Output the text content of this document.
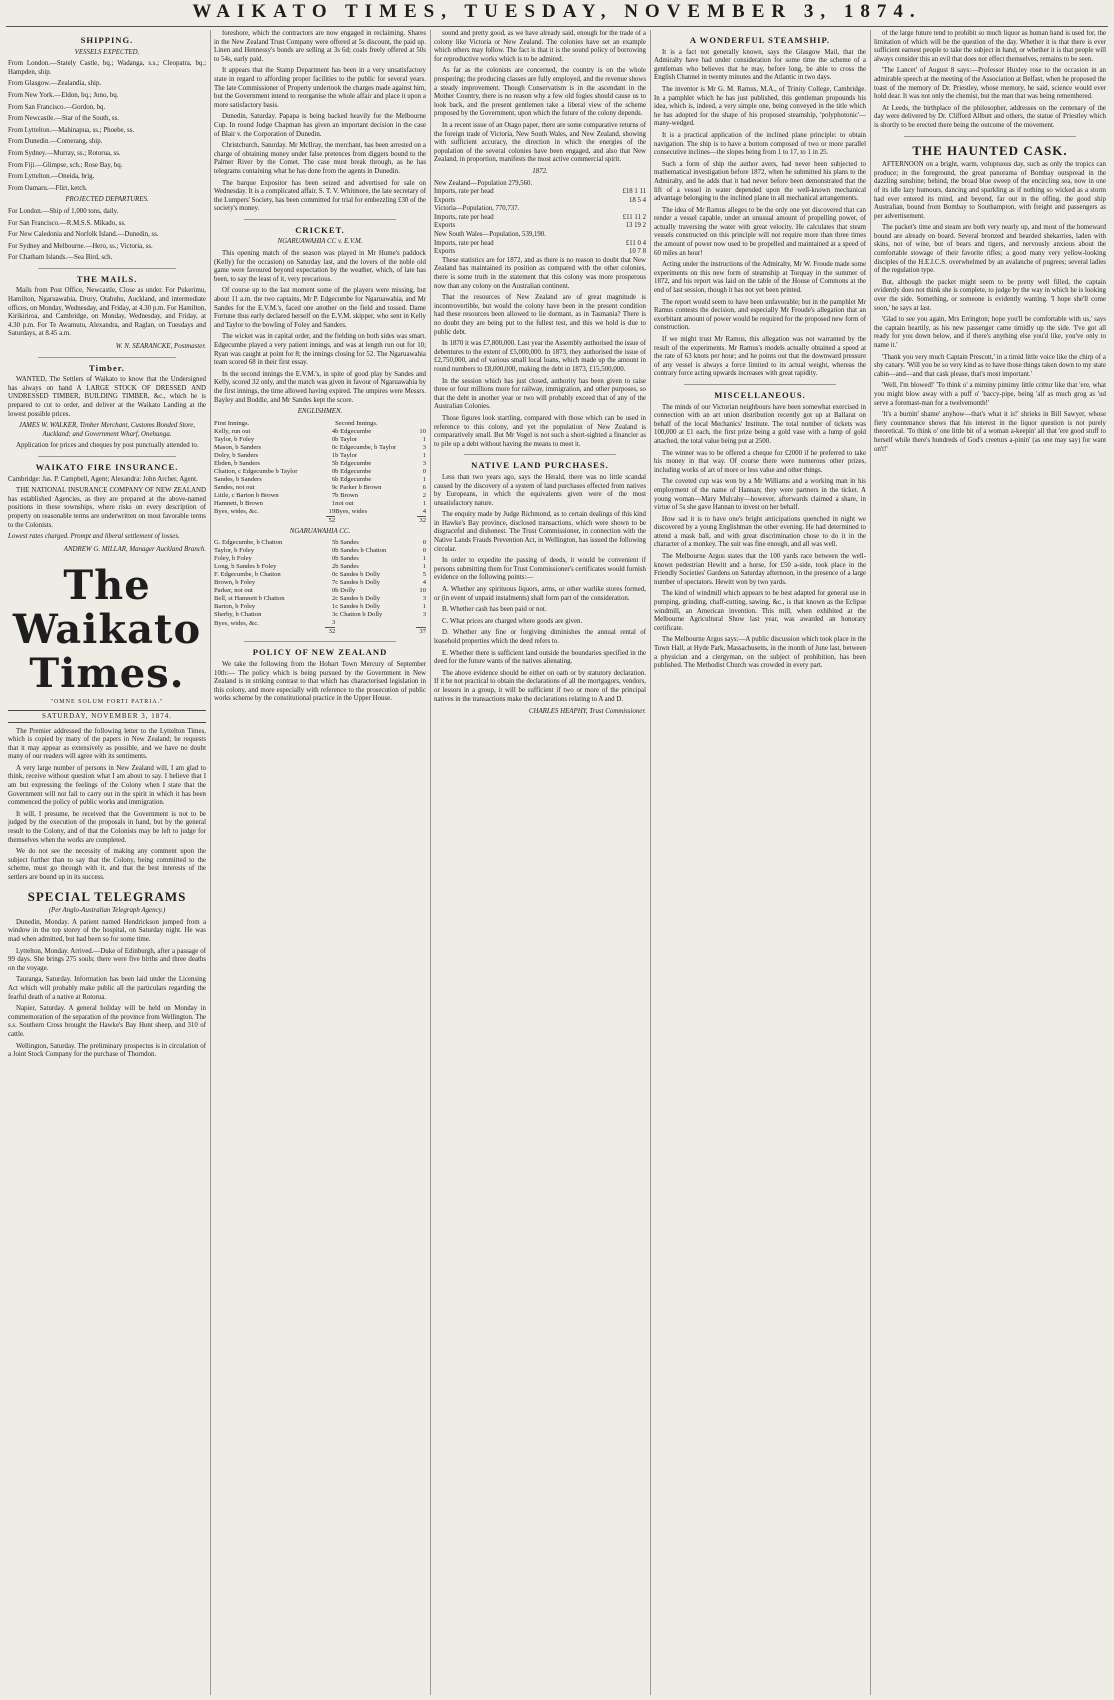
WAIKATO TIMES, TUESDAY, NOVEMBER 3, 1874.
SHIPPING.
VESSELS EXPECTED.

From London.—Stately Castle, bq.; Wadanga, s.s.; Cleopatra, bq.; Hampden, ship.

From Glasgow.—Zealandia, ship.

From New York.—Eldon, bq.; Juno, bq.

From San Francisco.—Gordon, bq.

From Newcastle.—Star of the South, ss.

From Lyttelton.—Mahinapua, ss.; Phoebe, ss.

From Dunedin.—Comerang, ship.

From Sydney.—Murray, ss.; Rotorua, ss.

From Fiji.—Glimpse, sch.; Rose Bay, bq.

From Lyttelton.—Oneida, brig.

From Oamaru.—Flirt, ketch.

PROJECTED DEPARTURES.

For London.—Ship of 1,000 tons, daily.

For San Francisco.—R.M.S.S. Mikado, ss.

For New Caledonia and Norfolk Island.—Dunedin, ss.

For Sydney and Melbourne.—Hero, ss.; Victoria, ss.

For Chatham Islands.—Sea Bird, sch.

THE MAILS.

Mails from Post Office, Newcastle, Close as under. For Pukerimu, Hamilton, Ngaruawahia, Drury, Otahuhu, Auckland, and intermediate offices, on Monday, Wednesday, and Friday, at 4.30 p.m. For Hamilton, Kirikiriroa, and Cambridge, on Monday, Wednesday, and Friday, at 4.30 p.m. For Te Awamutu, Alexandra, and Raglan, on Tuesdays and Saturdays, at 8.45 a.m.

W. N. SEARANCKE, Postmaster.
Timber.

WANTED, The Settlers of Waikato to know that the Undersigned has always on hand A LARGE STOCK OF DRESSED AND UNDRESSED TIMBER, BUILDING TIMBER, &c., which he is prepared to cut to order, and deliver at the Waikato Landing at the lowest possible prices.

JAMES W. WALKER, Timber Merchant, Customs Bonded Store, Auckland; and Government Wharf, Onehunga.

Application for prices and cheques by post punctually attended to.

WAIKATO FIRE INSURANCE.

Cambridge: Jas. P. Campbell, Agent; Alexandra: John Archer, Agent.

THE NATIONAL INSURANCE COMPANY OF NEW ZEALAND has established Agencies, as they are prepared at the above-named positions in these townships, where risks on every description of property on reasonable terms are underwritten on most favorable terms to the Colonists.

Lowest rates charged. Prompt and liberal settlement of losses.

ANDREW G. MILLAR, Manager Auckland Branch.
The Waikato Times.
"OMNE SOLUM FORTI PATRIA."
SATURDAY, NOVEMBER 3, 1874.

The Premier addressed the following letter to the Lyttelton Times, which is copied by many of the papers in New Zealand; he requests that it may appear as extensively as possible, and we have no doubt many of our readers will agree with its sentiments.

A very large number of persons in New Zealand will, I am glad to think, receive without question what I am about to say. I believe that I am but expressing the feelings of the Colony when I state that the Government will not fail to carry out in the spirit in which it has been commenced the policy of public works and immigration.

It will, I presume, be received that the Government is not to be judged by the execution of the proposals in hand, but by the general result to the Colony, and of that the Colonists may be left to judge for themselves when the works are completed.

We do not see the necessity of making any comment upon the subject further than to say that the Colony, being committed to the scheme, must go through with it, and that the best interests of the settlers are bound up in its success.

SPECIAL TELEGRAMS
(Per Anglo-Australian Telegraph Agency.)

Dunedin, Monday. A patient named Hendrickson jumped from a window in the top storey of the hospital, on Saturday night. He was mad when admitted, but had been so for some time.

Lyttelton, Monday. Arrived.—Duke of Edinburgh, after a passage of 99 days. She brings 275 souls; there were five births and three deaths on the voyage.

Tauranga, Saturday. Information has been laid under the Licensing Act which will probably make public all the particulars regarding the fearful death of a native at Rotorua.

Napier, Saturday. A general holiday will be held on Monday in commemoration of the separation of the province from Wellington. The s.s. Southern Cross brought the Hawke's Bay Hunt sheep, and 310 of cattle.

Wellington, Saturday. The preliminary prospectus is in circulation of a Joint Stock Company for the purchase of Thorndon.

foreshore, which the contractors are now engaged in reclaiming. Shares in the New Zealand Trust Company were offered at 5s discount, the paid up. Linen and Hennessy's bonds are selling at 3s 6d; coals freely offered at 50s to 54s, early paid.

It appears that the Stamp Department has been in a very unsatisfactory state in regard to affording proper facilities to the public for several years. The late Commissioner of Property undertook the charges made against him, but the Government intend to reorganise the whole affair and place it upon a more satisfactory basis.

Dunedin, Saturday. Papapa is being backed heavily for the Melbourne Cup. In round Judge Chapman has given an important decision in the case of Blair v. the Corporation of Dunedin.

Christchurch, Saturday. Mr McIlray, the merchant, has been arrested on a charge of obtaining money under false pretences from diggers bound to the Palmer River by the Comet. The case must break through, as he has telegrams containing what he has done from the agents in Dunedin.

The barque Expositor has been seized and advertised for sale on Wednesday. It is a complicated affair. S. T. V. Whitmore, the late secretary of the Lumpers' Society, has been committed for trial for embezzling £30 of the society's money.

CRICKET.
NGARUAWAHIA CC v. E.V.M.

This opening match of the season was played in Mr Hume's paddock (Kelly) for the occasion) on Saturday last, and the lovers of the noble old game were favoured beyond expectation by the weather, which, of late has been, to say the least of it, very precarious.

Of course up to the last moment some of the players were missing, but about 11 a.m. the two captains, Mr P. Edgecumbe for Ngaruawahia, and Mr Sandes for the E.V.M.'s, faced one another on the field and tossed. Dame Fortune thus early declared herself on the E.V.M. skipper, who sent in Kelly and Taylor to the bowling of Foley and Sanders.

The wicket was in capital order, and the fielding on both sides was smart. Edgecumbe played a very patient innings, and was at length run out for 10; Ryan was caught at point for 8; the innings closing for 52. The Ngaruawahia team scored 68 in their first essay.

In the second innings the E.V.M.'s, in spite of good play by Sandes and Kelly, scored 32 only, and the match was given in favour of Ngaruawahia by the first innings, the time allowed having expired. The umpires were Messrs. Bayley and Boddie, and Mr Sandes kept the score.

ENGLISHMEN.
First Innings.		Second Innings.	
Kelly, run out	4	b Edgecumbe	10
Taylor, b Foley	0	b Taylor	1
Mason, b Sanders	0	c Edgecumbe, b Taylor	3
Dolry, b Sanders	1	b Taylor	1
Ebden, b Sanders	5	b Edgecumbe	3
Chatton, c Edgecumbe b Taylor	0	b Edgecumbe	0
Sandes, b Sanders	6	b Edgecumbe	1
Sandes, not out	9	c Parker b Brown	6
Little, c Barton b Brown	7	b Brown	2
Hamnett, b Brown	1	not out	1
Byes, wides, &c.	19	Byes, wides	4
	52		32
NGARUAWAHIA CC.
G. Edgecumbe, b Chatton	5	b Sandes	0
Taylor, b Foley	0	b Sandes b Chatton	0
Foley, b Foley	0	b Sandes	1
Long, b Sandes b Foley	2	b Sandes	1
F. Edgecumbe, b Chatton	0	c Sandes b Dolly	5
Brown, b Foley	7	c Sandes b Dolly	4
Parker, not out	0	b Dolly	10
Bell, st Hamnett b Chatton	2	c Sandes b Dolly	3
Barton, b Foley	1	c Sandes b Dolly	1
Sherby, b Chatton	3	c Chatton b Dolly	3
Byes, wides, &c.	3		
	32		37
POLICY OF NEW ZEALAND

We take the following from the Hobart Town Mercury of September 10th:— The policy which is being pursued by the Government in New Zealand is in striking contrast to that which has characterised legislation in this colony, and more especially with reference to the prosecution of public works scheme by the constitutional practice in the Upper House.

sound and pretty good, as we have already said, enough for the trade of a colony like Victoria or New Zealand. The colonies have set an example which others may follow. The fact is that it is the sound policy of borrowing for reproductive works which is to be admired.

As far as the colonists are concerned, the country is on the whole prospering; the producing classes are fully employed, and the revenue shows a steady improvement. Though Conservatism is in the ascendant in the Mother Country, there is no reason why a few old fogies should cause us to look back, and the present gentlemen take a liberal view of the scheme proposed by the Government, upon which the future of the colony depends.

In a recent issue of an Otago paper, there are some comparative returns of the foreign trade of Victoria, New South Wales, and New Zealand, showing with sufficient accuracy, the direction in which the energies of the population of the several colonies have been engaged, and also that New Zealand, in proportion, manifests the most active commercial spirit.

1872.
New Zealand—Population 279,560.
Imports, rate per head	£18 1 11
Exports	18 5 4
Victoria—Population, 770,737.
Imports, rate per head	£11 11 2
Exports	13 19 2
New South Wales—Population, 539,190.
Imports, rate per head	£11 0 4
Exports	10 7 8

These statistics are for 1872, and as there is no reason to doubt that New Zealand has maintained its position as compared with the other colonies, there is some truth in the statement that this colony was more prosperous now than any colony on the Australian continent.

That the resources of New Zealand are of great magnitude is incontrovertible, but would the colony have been in the present condition had these resources been allowed to lie dormant, as in Tasmania? There is no doubt they are being put to the fullest test, and this we hold is due to public debt.

In 1870 it was £7,800,000. Last year the Assembly authorised the issue of debentures to the extent of £5,000,000. In 1873, they authorised the issue of £2,750,000, and of various small local loans, which made up the amount in round numbers to £8,000,000, making the debt in 1873, £15,500,000.

In the session which has just closed, authority has been given to raise three or four millions more for railway, immigration, and other purposes, so that the debt in another year or two will probably exceed that of any of the Australian Colonies.

Those figures look startling, compared with those which can be used in reference to this colony, and yet the population of New Zealand is comparatively small. But Mr Vogel is not such a short-sighted a financier as to pile up a debt without having the means to meet it.

NATIVE LAND PURCHASES.

Less than two years ago, says the Herald, there was no little scandal caused by the discovery of a system of land purchases effected from natives by Europeans, in which the equivalents given were of the most unsatisfactory nature.

The enquiry made by Judge Richmond, as to certain dealings of this kind in Hawke's Bay province, disclosed transactions, which were shown to be disgraceful and dishonest. The Trust Commissioner, in connection with the Native Lands Frauds Prevention Act, in Wellington, has issued the following circular.

In order to expedite the passing of deeds, it would be convenient if persons submitting them for Trust Commissioner's certificates would furnish evidence on the following points:—

A. Whether any spirituous liquors, arms, or other warlike stores formed, or (in event of unpaid instalments) shall form part of the consideration.

B. Whether cash has been paid or not.

C. What prices are charged where goods are given.

D. Whether any fine or forgiving diminishes the annual rental of leasehold properties which the deed refers to.

E. Whether there is sufficient land outside the boundaries specified in the deed for the future wants of the natives alienating.

The above evidence should be either on oath or by statutory declaration. If it be not practical to obtain the declarations of all the mortgagors, vendors, or lessors in a group, it will be sufficient if two or more of the principal natives in the transactions make the declarations relating to A and D.

CHARLES HEAPHY, Trust Commissioner.
A WONDERFUL STEAMSHIP.

It is a fact not generally known, says the Glasgow Mail, that the Admiralty have had under consideration for some time the scheme of a gentleman who believes that he may, before long, be able to cross the English Channel in twenty minutes and the Atlantic in two days.

The inventor is Mr G. M. Ramus, M.A., of Trinity College, Cambridge. In a pamphlet which he has just published, this gentleman propounds his idea, which is, indeed, a very simple one, being conveyed in the title which he has adopted for the shape of his proposed steamship, 'polyphotonic'—many-wedged.

It is a practical application of the inclined plane principle: to obtain navigation. The ship is to have a bottom composed of two or more parallel consecutive inclines—the slopes being from 1 to 17, to 1 in 25.

Such a form of ship the author avers, had never been subjected to mathematical investigation before 1872, when he submitted his plans to the Admiralty, and he adds that it had never before been demonstrated that the lift of a vessel in water depended upon the well-known mechanical advantage belonging to the inclined plane in all mechanical arrangements.

The idea of Mr Ramus alleges to be the only one yet discovered that can render a vessel capable, under an unusual amount of propelling power, of actually traversing the water with great velocity. He calculates that steam vessels constructed on this principle will not require more than three times the amount of power now used to be propelled and maintained at a speed of 60 miles an hour!

Acting under the instructions of the Admiralty, Mr W. Froude made some experiments on this new form of steamship at Torquay in the summer of 1872, and his report was laid on the table of the House of Commons at the end of last session, though it has not yet been printed.

The report would seem to have been unfavorable; but in the pamphlet Mr Ramus contests the decision, and especially Mr Froude's allegation that an exorbitant amount of power would be required for the proposed new form of construction.

If we might trust Mr Ramus, this allegation was not warranted by the result of the experiments. Mr Ramus's models actually obtained a speed at the rate of 63 knots per hour; and he points out that the downward pressure of any vessel is always a force limited to its actual weight, whereas the contrary force acting upwards increases with great rapidity.

MISCELLANEOUS.

The minds of our Victorian neighbours have been somewhat exercised in connection with an art union distribution recently got up at Ballarat on behalf of the local Mechanics' Institute. The total number of tickets was 100,000 at £1 each, the first prize being a gold vase with a lump of gold attached, the total value being put at 2500.

The winner was to be offered a cheque for £2000 if he preferred to take his money in that way. Of course there were numerous other prizes, including works of art of more or less value and other things.

The coveted cup was won by a Mr Williams and a working man in his employment of the name of Hannan; they were partners in the ticket. A young woman—Mary Mulcahy—however, afterwards claimed a share, in virtue of 5s she gave Hannan to invest on her behalf.

How sad it is to have one's bright anticipations quenched in night we discovered by a young Englishman the other evening. He had determined to attend a mask ball, and with great discrimination chose to do it in the character of a monkey. The suit was fine enough, and all was well.

The Melbourne Argus states that the 100 yards race between the well-known pedestrian Hewitt and a horse, for £50 a-side, took place in the Friendly Societies' Gardens on Saturday afternoon, in the presence of a large number of spectators. Hewitt won by two yards.

The kind of windmill which appears to be best adapted for general use in pumping, grinding, chaff-cutting, sawing, &c., is that known as the Eclipse windmill, an American invention. This mill, when exhibited at the Melbourne Agricultural Show last year, was awarded an honorary certificate.

The Melbourne Argus says:—A public discussion which took place in the Town Hall, at Hyde Park, Massachusetts, in the month of June last, between a physician and a clergyman, on the subject of prohibition, has been published. The Methodist Church was crowded in every part.

of the large future tend to prohibit so much liquor as human hand is used for, the limitation of which will be the question of the day. Whether it is that there is ever sufficient earnest people to take the subject in hand, or whether it is that people will always consider this an evil that does not effect themselves, remains to be seen.

'The Lancet' of August 8 says:—Professor Huxley rose to the occasion in an admirable speech at the meeting of the Association at Belfast, when he proposed the toast of the memory of Dr. Priestley, whose memory, he said, science would ever hold dear. It was not only the chemist, but the man that was being remembered.

At Leeds, the birthplace of the philosopher, addresses on the centenary of the day were delivered by Dr. Clifford Allbutt and others, the statue of Priestley which is shortly to be erected there being the outcome of the movement.

THE HAUNTED CASK.

AFTERNOON on a bright, warm, voluptuous day, such as only the tropics can produce; in the foreground, the great panorama of Bombay outspread in the dazzling sunshine; behind, the broad blue sweep of the encircling sea, now in one of its idle lazy humours, dancing and sparkling as if nothing so wicked as a storm had ever entered its mind, and beyond, far out in the offing, the good ship Australian, bound from Bombay to Southampton, with freight and passengers as per advertisement.

The packet's time and steam are both very nearly up, and most of the homeward bound are already on board. Several bronzed and bearded shekarries, laden with skins, not of wine, but of bears and tigers, and nervously anxious about the comfortable stowage of their favorite rifles; a good many very yellow-looking disciples of the H.E.I.C.S. overwhelmed by an avalanche of pugrees; several ladies of the regulation type.

But, although the packet might seem to be pretty well filled, the captain evidently does not think she is complete, to judge by the way in which he is looking over the side. Something, or someone is evidently wanting. 'I hope she'll come soon,' he says at last.

'Glad to see you again, Mrs Errington; hope you'll be comfortable with us,' says the captain heartily, as his new passenger came timidly up the side. 'I've got all ready for you down below, and if there's anything else you'd like, you've only to name it.'

'Thank you very much Captain Prescott,' in a timid little voice like the chirp of a shy canary. 'Will you be so very kind as to have those things taken down to my state cabin—and—and that cask please, that's most important.'

'Well, I'm blowed!' 'To think o' a miminy pimimy little crittur like that 'ere, what you might blow away with a puff o' 'baccy-pipe, being 'alf as much grog as 'ud serve a foremast-man for a twelvemonth!'

'It's a burnin' shame' anyhow—that's what it is!' shrieks in Bill Sawyer, whose fiery countenance shows that his interest in the liquor question is not purely theoretical. 'To think o' one little bit of a woman a-keepin' all that 'ere good stuff to herself while there's hundreds of God's creeturs a-pinin' (as one may say) for want on't!'
